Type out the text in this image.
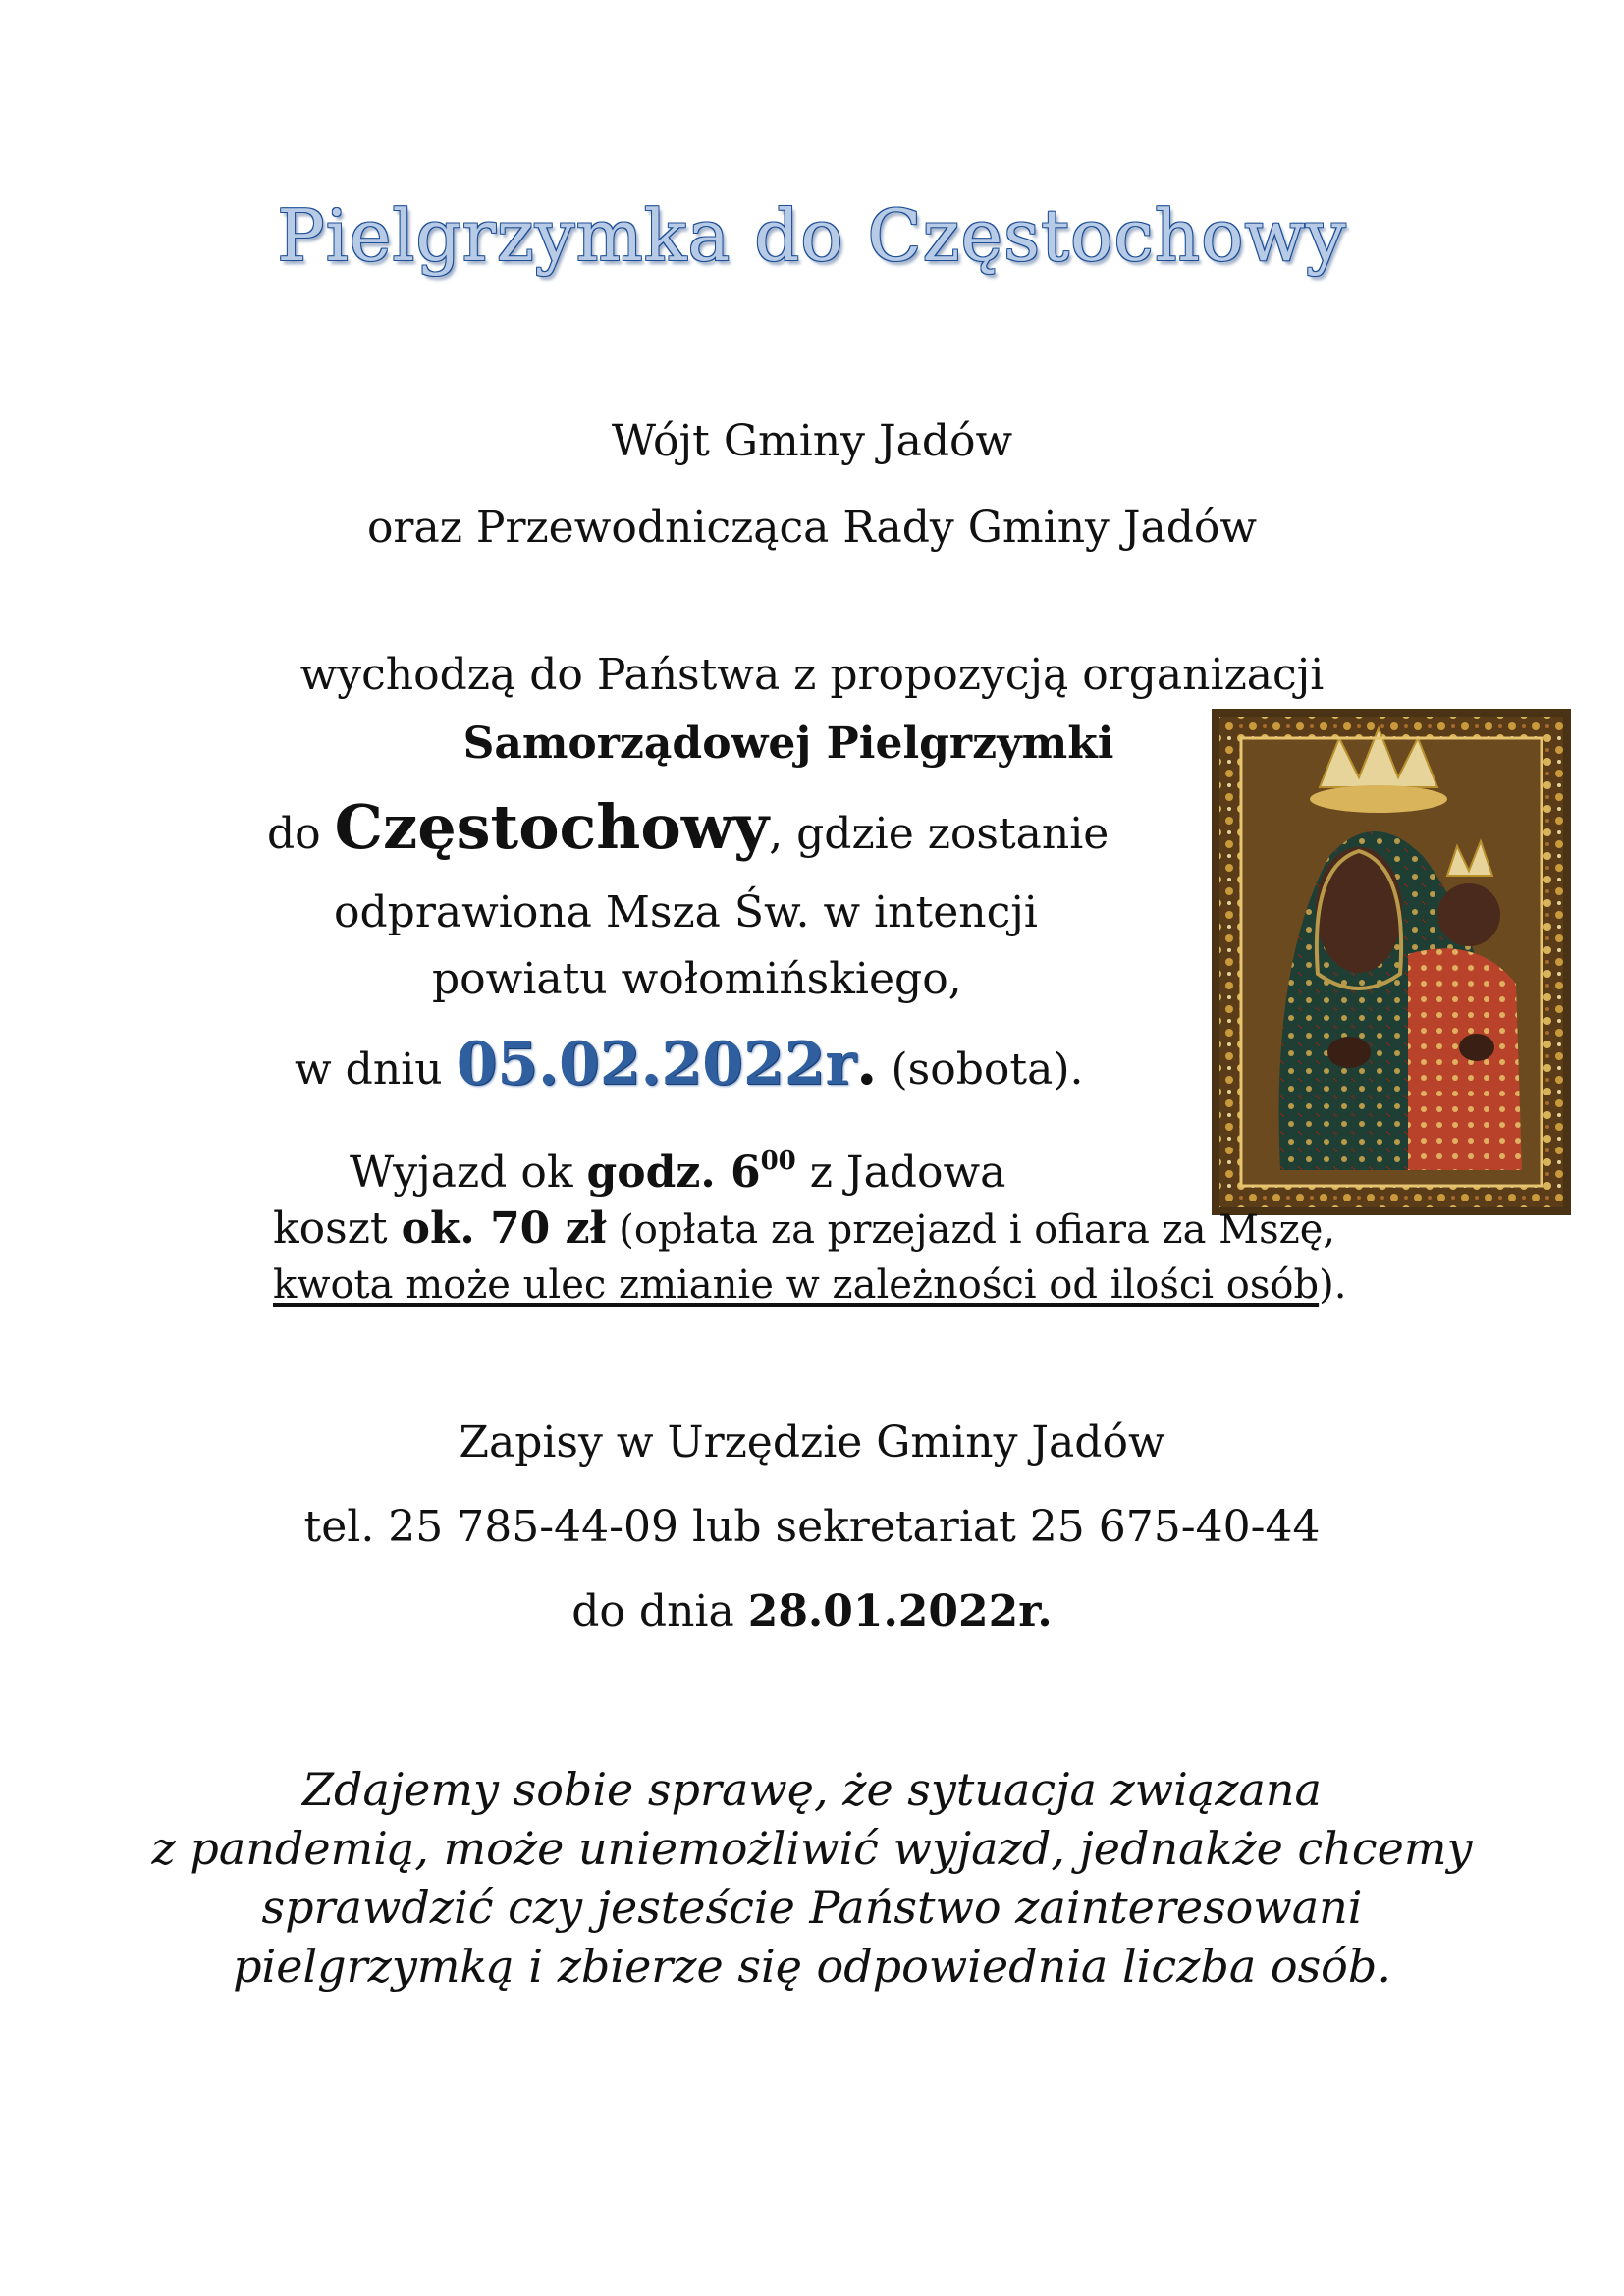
Pielgrzymka do Częstochowy
Wójt Gminy Jadów
oraz Przewodnicząca Rady Gminy Jadów
wychodzą do Państwa z propozycją organizacji
Samorządowej Pielgrzymki
do Częstochowy, gdzie zostanie
odprawiona Msza Św. w intencji
powiatu wołomińskiego,
w dniu 05.02.2022r. (sobota).
Wyjazd ok godz. $6^{00}$ z Jadowa
koszt ok. 70 zł (opłata za przejazd i ofiara za Mszę,
kwota może ulec zmianie w zależności od ilości osób).
Zapisy w Urzędzie Gminy Jadów
tel. 25 785-44-09 lub sekretariat 25 675-40-44
do dnia 28.01.2022r.
Zdajemy sobie sprawę, że sytuacja związana
z pandemią, może uniemożliwić wyjazd, jednakże chcemy
sprawdzić czy jesteście Państwo zainteresowani
pielgrzymką i zbierze się odpowiednia liczba osób.
